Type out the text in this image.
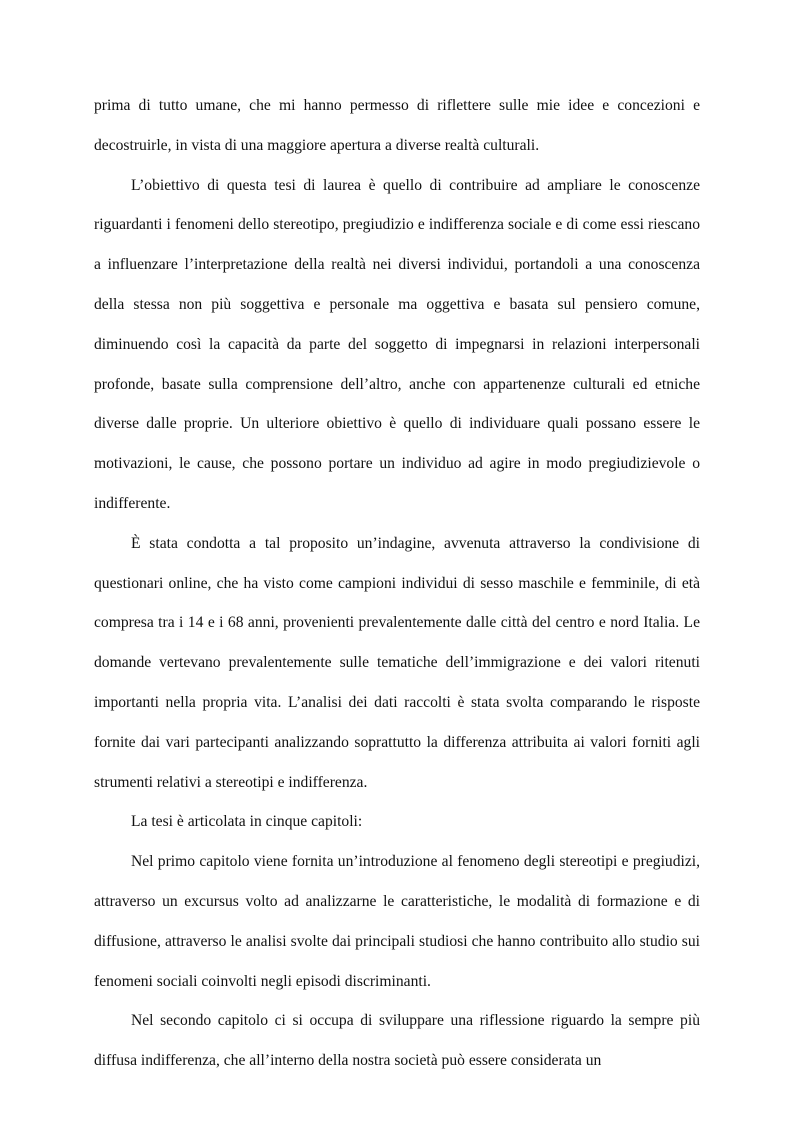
prima di tutto umane, che mi hanno permesso di riflettere sulle mie idee e concezioni e decostruirle, in vista di una maggiore apertura a diverse realtà culturali.

L’obiettivo di questa tesi di laurea è quello di contribuire ad ampliare le conoscenze riguardanti i fenomeni dello stereotipo, pregiudizio e indifferenza sociale e di come essi riescano a influenzare l’interpretazione della realtà nei diversi individui, portandoli a una conoscenza della stessa non più soggettiva e personale ma oggettiva e basata sul pensiero comune, diminuendo così la capacità da parte del soggetto di impegnarsi in relazioni interpersonali profonde, basate sulla comprensione dell’altro, anche con appartenenze culturali ed etniche diverse dalle proprie. Un ulteriore obiettivo è quello di individuare quali possano essere le motivazioni, le cause, che possono portare un individuo ad agire in modo pregiudizievole o indifferente.

È stata condotta a tal proposito un’indagine, avvenuta attraverso la condivisione di questionari online, che ha visto come campioni individui di sesso maschile e femminile, di età compresa tra i 14 e i 68 anni, provenienti prevalentemente dalle città del centro e nord Italia. Le domande vertevano prevalentemente sulle tematiche dell’immigrazione e dei valori ritenuti importanti nella propria vita. L’analisi dei dati raccolti è stata svolta comparando le risposte fornite dai vari partecipanti analizzando soprattutto la differenza attribuita ai valori forniti agli strumenti relativi a stereotipi e indifferenza.

La tesi è articolata in cinque capitoli:

Nel primo capitolo viene fornita un’introduzione al fenomeno degli stereotipi e pregiudizi, attraverso un excursus volto ad analizzarne le caratteristiche, le modalità di formazione e di diffusione, attraverso le analisi svolte dai principali studiosi che hanno contribuito allo studio sui fenomeni sociali coinvolti negli episodi discriminanti.

Nel secondo capitolo ci si occupa di sviluppare una riflessione riguardo la sempre più diffusa indifferenza, che all’interno della nostra società può essere considerata un
